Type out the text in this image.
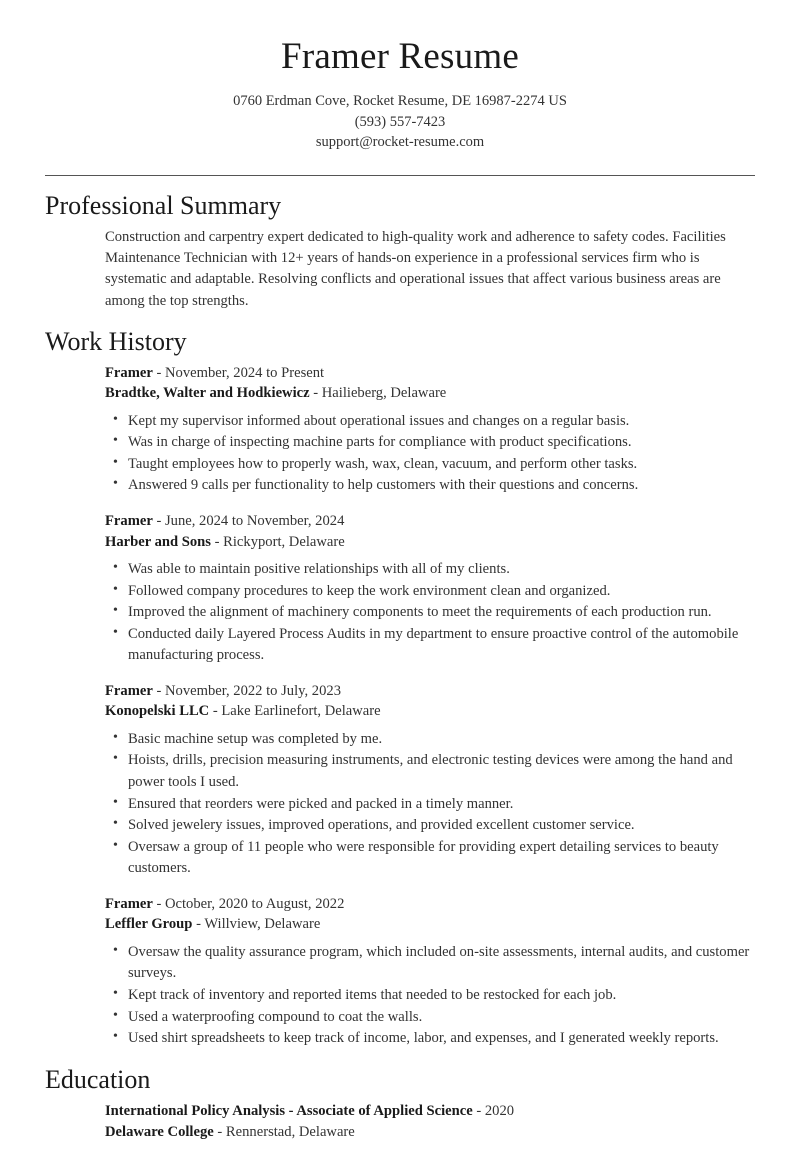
Framer Resume

0760 Erdman Cove, Rocket Resume, DE 16987-2274 US

(593) 557-7423

support@rocket-resume.com

Professional Summary

Construction and carpentry expert dedicated to high-quality work and adherence to safety codes. Facilities Maintenance Technician with 12+ years of hands-on experience in a professional services firm who is systematic and adaptable. Resolving conflicts and operational issues that affect various business areas are among the top strengths.

Work History
Framer - November, 2024 to Present
Bradtke, Walter and Hodkiewicz - Hailieberg, Delaware
• Kept my supervisor informed about operational issues and changes on a regular basis.
• Was in charge of inspecting machine parts for compliance with product specifications.
• Taught employees how to properly wash, wax, clean, vacuum, and perform other tasks.
• Answered 9 calls per functionality to help customers with their questions and concerns.
Framer - June, 2024 to November, 2024
Harber and Sons - Rickyport, Delaware
• Was able to maintain positive relationships with all of my clients.
• Followed company procedures to keep the work environment clean and organized.
• Improved the alignment of machinery components to meet the requirements of each production run.
• Conducted daily Layered Process Audits in my department to ensure proactive control of the automobile manufacturing process.
Framer - November, 2022 to July, 2023
Konopelski LLC - Lake Earlinefort, Delaware
• Basic machine setup was completed by me.
• Hoists, drills, precision measuring instruments, and electronic testing devices were among the hand and power tools I used.
• Ensured that reorders were picked and packed in a timely manner.
• Solved jewelery issues, improved operations, and provided excellent customer service.
• Oversaw a group of 11 people who were responsible for providing expert detailing services to beauty customers.
Framer - October, 2020 to August, 2022
Leffler Group - Willview, Delaware
• Oversaw the quality assurance program, which included on-site assessments, internal audits, and customer surveys.
• Kept track of inventory and reported items that needed to be restocked for each job.
• Used a waterproofing compound to coat the walls.
• Used shirt spreadsheets to keep track of income, labor, and expenses, and I generated weekly reports.
Education
International Policy Analysis - Associate of Applied Science - 2020
Delaware College - Rennerstad, Delaware
